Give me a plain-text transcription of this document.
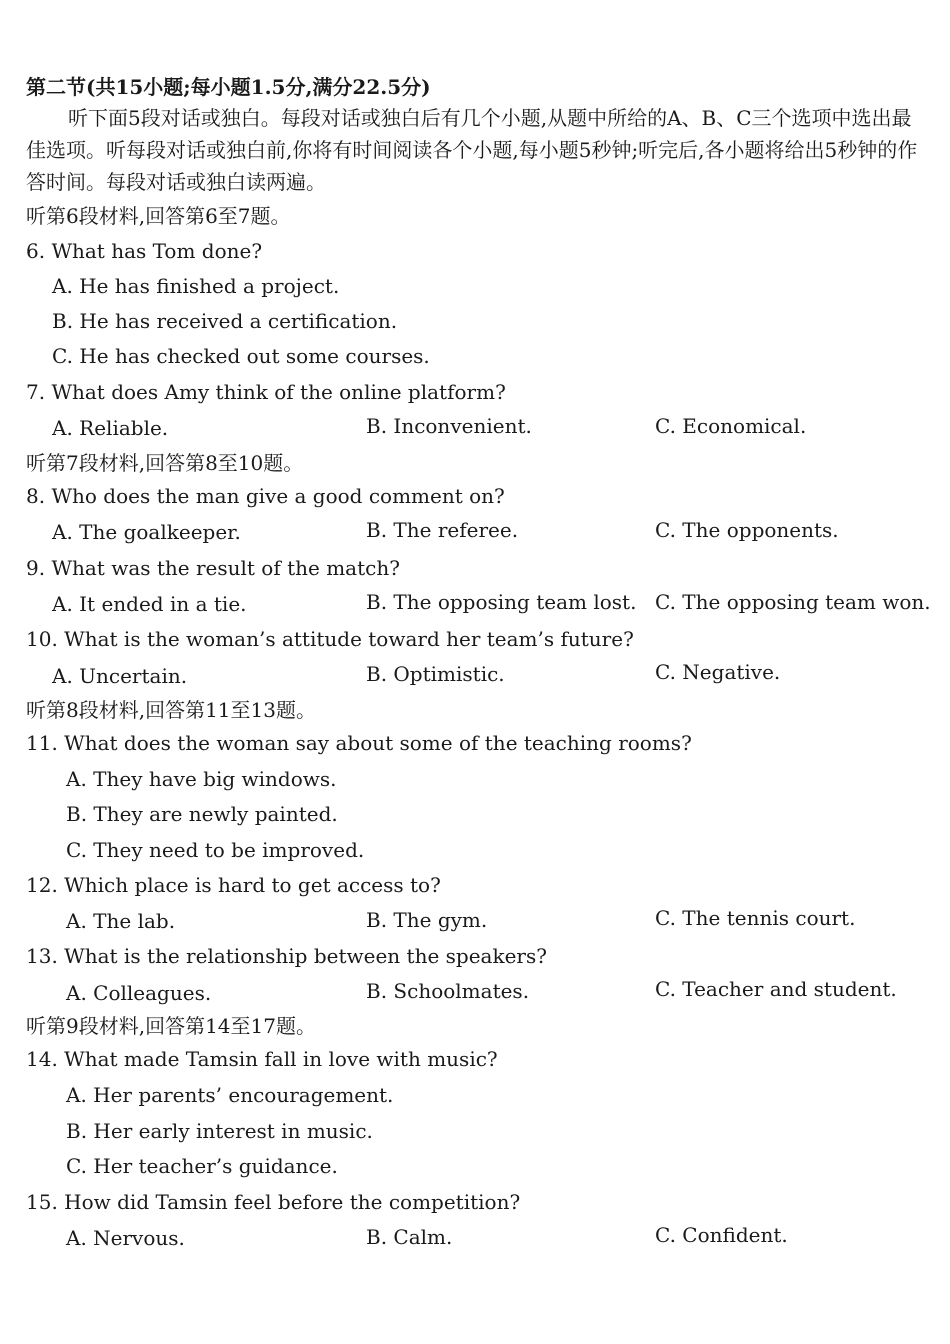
第二节(共15小题;每小题1.5分,满分22.5分)
听下面5段对话或独白。每段对话或独白后有几个小题,从题中所给的A、B、C三个选项中选出最佳选项。听每段对话或独白前,你将有时间阅读各个小题,每小题5秒钟;听完后,各小题将给出5秒钟的作答时间。每段对话或独白读两遍。
听第6段材料,回答第6至7题。
6. What has Tom done?
A. He has finished a project.
B. He has received a certification.
C. He has checked out some courses.
7. What does Amy think of the online platform?
A. Reliable.	B. Inconvenient.	C. Economical.
听第7段材料,回答第8至10题。
8. Who does the man give a good comment on?
A. The goalkeeper.	B. The referee.	C. The opponents.
9. What was the result of the match?
A. It ended in a tie.	B. The opposing team lost. C. The opposing team won.
10. What is the woman’s attitude toward her team’s future?
A. Uncertain.	B. Optimistic.	C. Negative.
听第8段材料,回答第11至13题。
11. What does the woman say about some of the teaching rooms?
A. They have big windows.
B. They are newly painted.
C. They need to be improved.
12. Which place is hard to get access to?
A. The lab.	B. The gym.	C. The tennis court.
13. What is the relationship between the speakers?
A. Colleagues.	B. Schoolmates.	C. Teacher and student.
听第9段材料,回答第14至17题。
14. What made Tamsin fall in love with music?
A. Her parents’ encouragement.
B. Her early interest in music.
C. Her teacher’s guidance.
15. How did Tamsin feel before the competition?
A. Nervous.	B. Calm.	C. Confident.
